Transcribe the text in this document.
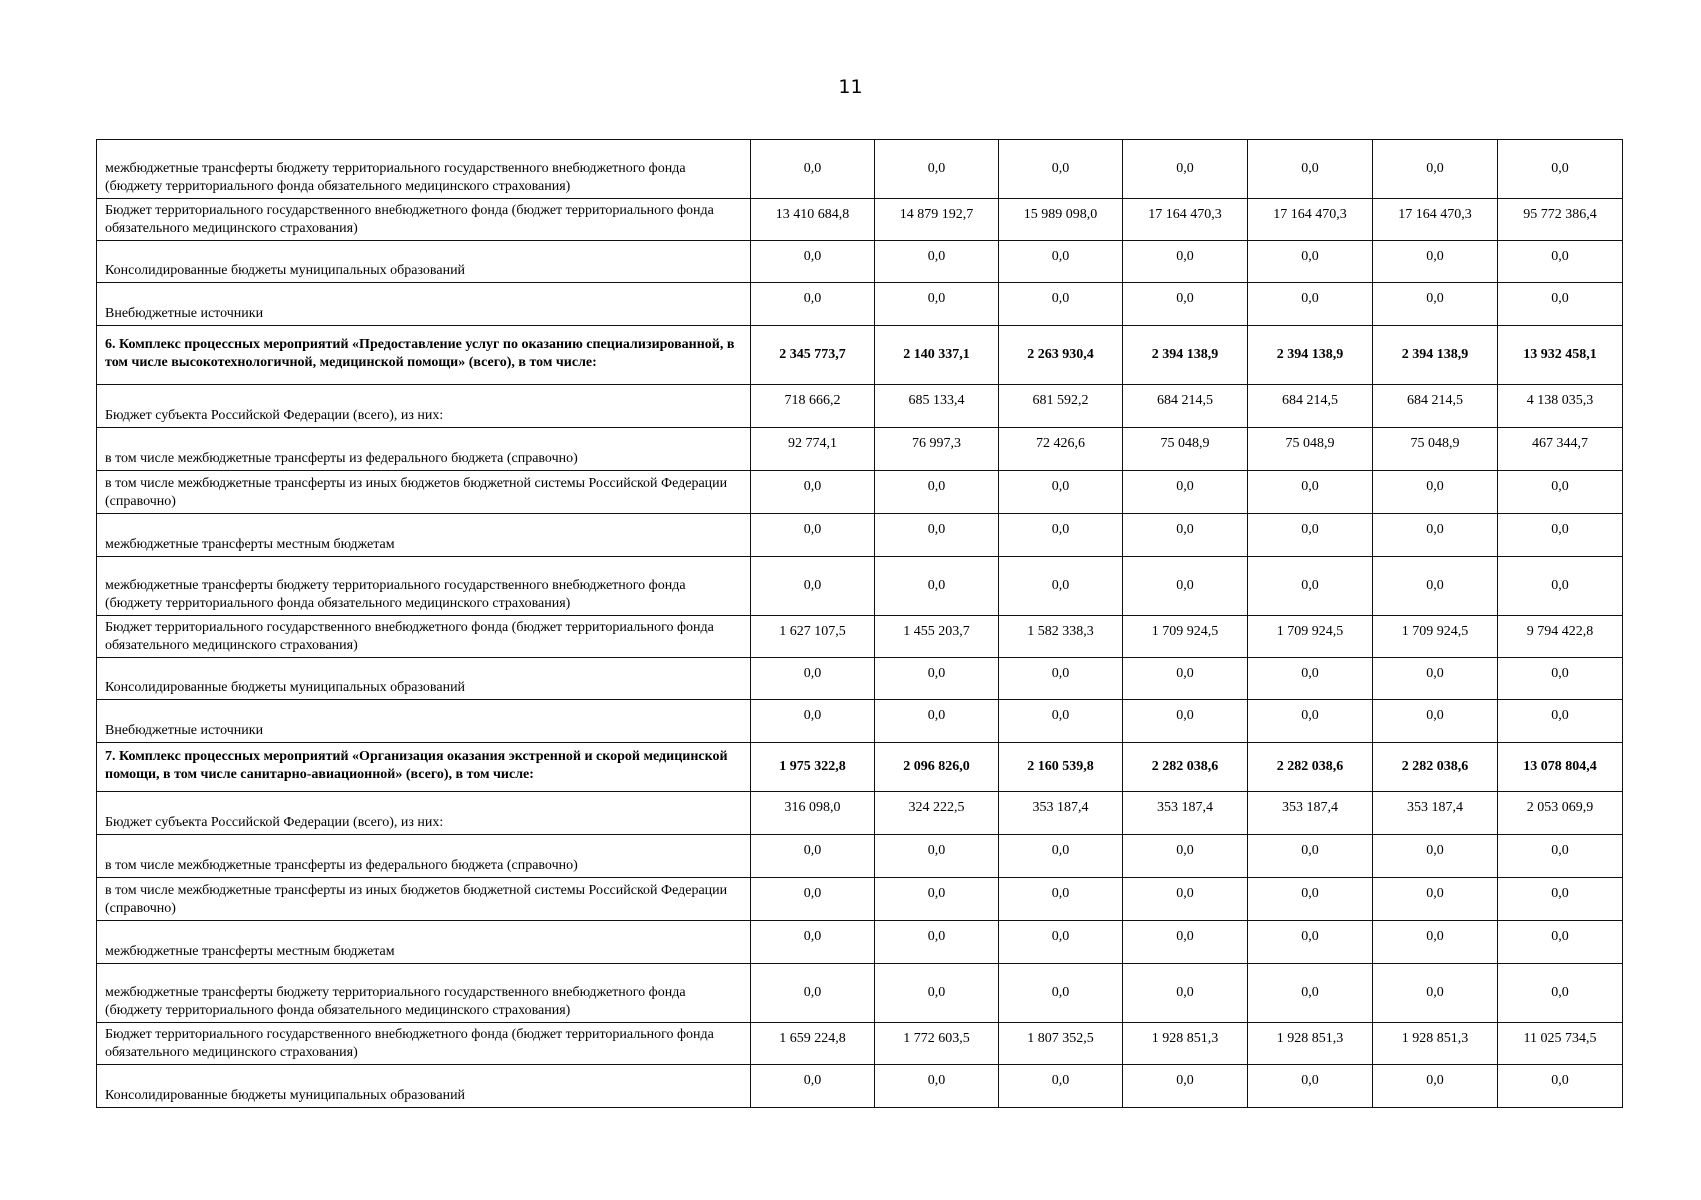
11
межбюджетные трансферты бюджету территориального государственного внебюджетного фонда (бюджету территориального фонда обязательного медицинского страхования)	0,0	0,0	0,0	0,0	0,0	0,0	0,0
Бюджет территориального государственного внебюджетного фонда (бюджет территориального фонда обязательного медицинского страхования)	13 410 684,8	14 879 192,7	15 989 098,0	17 164 470,3	17 164 470,3	17 164 470,3	95 772 386,4
Консолидированные бюджеты муниципальных образований	0,0	0,0	0,0	0,0	0,0	0,0	0,0
Внебюджетные источники	0,0	0,0	0,0	0,0	0,0	0,0	0,0
6. Комплекс процессных мероприятий «Предоставление услуг по оказанию специализированной, в том числе высокотехнологичной, медицинской помощи» (всего), в том числе:	2 345 773,7	2 140 337,1	2 263 930,4	2 394 138,9	2 394 138,9	2 394 138,9	13 932 458,1
Бюджет субъекта Российской Федерации (всего), из них:	718 666,2	685 133,4	681 592,2	684 214,5	684 214,5	684 214,5	4 138 035,3
в том числе межбюджетные трансферты из федерального бюджета (справочно)	92 774,1	76 997,3	72 426,6	75 048,9	75 048,9	75 048,9	467 344,7
в том числе межбюджетные трансферты из иных бюджетов бюджетной системы Российской Федерации (справочно)	0,0	0,0	0,0	0,0	0,0	0,0	0,0
межбюджетные трансферты местным бюджетам	0,0	0,0	0,0	0,0	0,0	0,0	0,0
межбюджетные трансферты бюджету территориального государственного внебюджетного фонда (бюджету территориального фонда обязательного медицинского страхования)	0,0	0,0	0,0	0,0	0,0	0,0	0,0
Бюджет территориального государственного внебюджетного фонда (бюджет территориального фонда обязательного медицинского страхования)	1 627 107,5	1 455 203,7	1 582 338,3	1 709 924,5	1 709 924,5	1 709 924,5	9 794 422,8
Консолидированные бюджеты муниципальных образований	0,0	0,0	0,0	0,0	0,0	0,0	0,0
Внебюджетные источники	0,0	0,0	0,0	0,0	0,0	0,0	0,0
7. Комплекс процессных мероприятий «Организация оказания экстренной и скорой медицинской помощи, в том числе санитарно-авиационной» (всего), в том числе:	1 975 322,8	2 096 826,0	2 160 539,8	2 282 038,6	2 282 038,6	2 282 038,6	13 078 804,4
Бюджет субъекта Российской Федерации (всего), из них:	316 098,0	324 222,5	353 187,4	353 187,4	353 187,4	353 187,4	2 053 069,9
в том числе межбюджетные трансферты из федерального бюджета (справочно)	0,0	0,0	0,0	0,0	0,0	0,0	0,0
в том числе межбюджетные трансферты из иных бюджетов бюджетной системы Российской Федерации (справочно)	0,0	0,0	0,0	0,0	0,0	0,0	0,0
межбюджетные трансферты местным бюджетам	0,0	0,0	0,0	0,0	0,0	0,0	0,0
межбюджетные трансферты бюджету территориального государственного внебюджетного фонда (бюджету территориального фонда обязательного медицинского страхования)	0,0	0,0	0,0	0,0	0,0	0,0	0,0
Бюджет территориального государственного внебюджетного фонда (бюджет территориального фонда обязательного медицинского страхования)	1 659 224,8	1 772 603,5	1 807 352,5	1 928 851,3	1 928 851,3	1 928 851,3	11 025 734,5
Консолидированные бюджеты муниципальных образований	0,0	0,0	0,0	0,0	0,0	0,0	0,0
